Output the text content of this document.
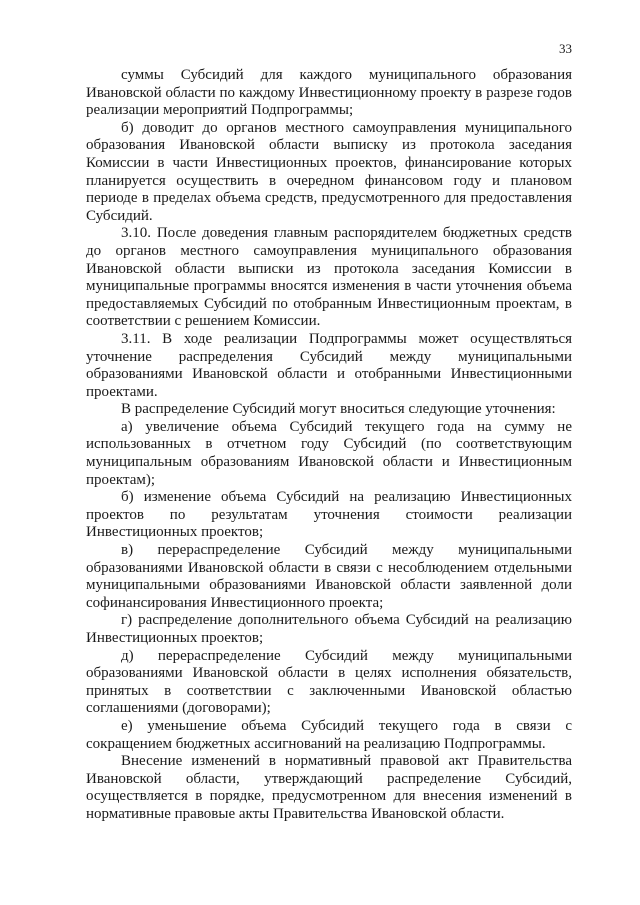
33

суммы Субсидий для каждого муниципального образования Ивановской области по каждому Инвестиционному проекту в разрезе годов реализации мероприятий Подпрограммы;

б) доводит до органов местного самоуправления муниципального образования Ивановской области выписку из протокола заседания Комиссии в части Инвестиционных проектов, финансирование которых планируется осуществить в очередном финансовом году и плановом периоде в пределах объема средств, предусмотренного для предоставления Субсидий.

3.10. После доведения главным распорядителем бюджетных средств до органов местного самоуправления муниципального образования Ивановской области выписки из протокола заседания Комиссии в муниципальные программы вносятся изменения в части уточнения объема предоставляемых Субсидий по отобранным Инвестиционным проектам, в соответствии с решением Комиссии.

3.11. В ходе реализации Подпрограммы может осуществляться уточнение распределения Субсидий между муниципальными образованиями Ивановской области и отобранными Инвестиционными проектами.

В распределение Субсидий могут вноситься следующие уточнения:

а) увеличение объема Субсидий текущего года на сумму не использованных в отчетном году Субсидий (по соответствующим муниципальным образованиям Ивановской области и Инвестиционным проектам);

б) изменение объема Субсидий на реализацию Инвестиционных проектов по результатам уточнения стоимости реализации Инвестиционных проектов;

в) перераспределение Субсидий между муниципальными образованиями Ивановской области в связи с несоблюдением отдельными муниципальными образованиями Ивановской области заявленной доли софинансирования Инвестиционного проекта;

г) распределение дополнительного объема Субсидий на реализацию Инвестиционных проектов;

д) перераспределение Субсидий между муниципальными образованиями Ивановской области в целях исполнения обязательств, принятых в соответствии с заключенными Ивановской областью соглашениями (договорами);

е) уменьшение объема Субсидий текущего года в связи с сокращением бюджетных ассигнований на реализацию Подпрограммы.

Внесение изменений в нормативный правовой акт Правительства Ивановской области, утверждающий распределение Субсидий, осуществляется в порядке, предусмотренном для внесения изменений в нормативные правовые акты Правительства Ивановской области.
